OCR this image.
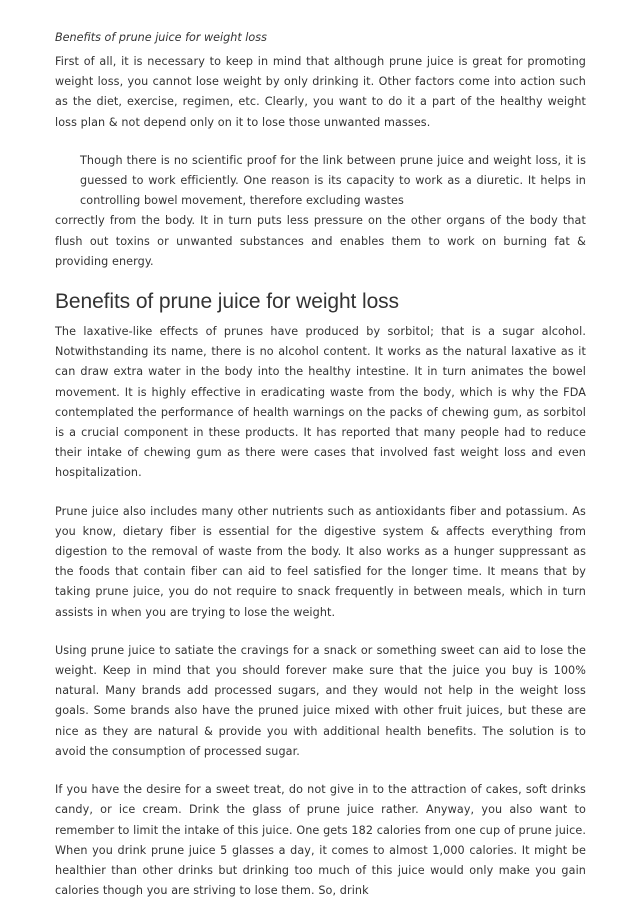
Benefits of prune juice for weight loss

First of all, it is necessary to keep in mind that although prune juice is great for promoting weight loss, you cannot lose weight by only drinking it. Other factors come into action such as the diet, exercise, regimen, etc. Clearly, you want to do it a part of the healthy weight loss plan & not depend only on it to lose those unwanted masses.

Though there is no scientific proof for the link between prune juice and weight loss, it is guessed to work efficiently. One reason is its capacity to work as a diuretic. It helps in controlling bowel movement, therefore excluding wastes
correctly from the body. It in turn puts less pressure on the other organs of the body that flush out toxins or unwanted substances and enables them to work on burning fat & providing energy.

Benefits of prune juice for weight loss

The laxative-like effects of prunes have produced by sorbitol; that is a sugar alcohol. Notwithstanding its name, there is no alcohol content. It works as the natural laxative as it can draw extra water in the body into the healthy intestine. It in turn animates the bowel movement. It is highly effective in eradicating waste from the body, which is why the FDA contemplated the performance of health warnings on the packs of chewing gum, as sorbitol is a crucial component in these products. It has reported that many people had to reduce their intake of chewing gum as there were cases that involved fast weight loss and even hospitalization.

Prune juice also includes many other nutrients such as antioxidants fiber and potassium. As you know, dietary fiber is essential for the digestive system & affects everything from digestion to the removal of waste from the body. It also works as a hunger suppressant as the foods that contain fiber can aid to feel satisfied for the longer time. It means that by taking prune juice, you do not require to snack frequently in between meals, which in turn assists in when you are trying to lose the weight.

Using prune juice to satiate the cravings for a snack or something sweet can aid to lose the weight. Keep in mind that you should forever make sure that the juice you buy is 100% natural. Many brands add processed sugars, and they would not help in the weight loss goals. Some brands also have the pruned juice mixed with other fruit juices, but these are nice as they are natural & provide you with additional health benefits. The solution is to avoid the consumption of processed sugar.

If you have the desire for a sweet treat, do not give in to the attraction of cakes, soft drinks candy, or ice cream. Drink the glass of prune juice rather. Anyway, you also want to remember to limit the intake of this juice. One gets 182 calories from one cup of prune juice. When you drink prune juice 5 glasses a day, it comes to almost 1,000 calories. It might be healthier than other drinks but drinking too much of this juice would only make you gain calories though you are striving to lose them. So, drink
